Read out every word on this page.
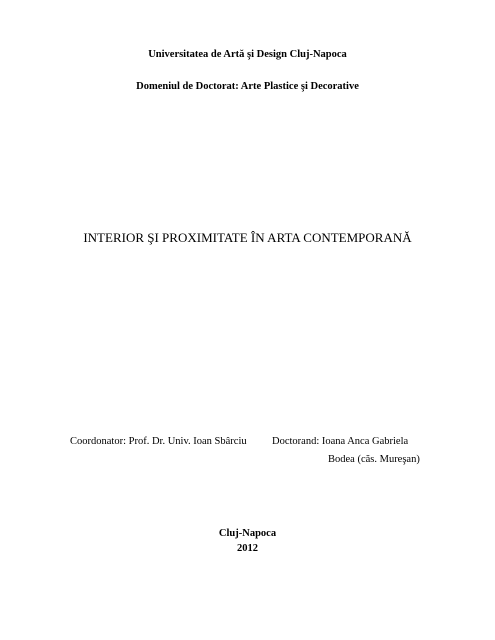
Universitatea de Artă şi Design Cluj-Napoca
Domeniul de Doctorat: Arte Plastice şi Decorative
INTERIOR ŞI PROXIMITATE ÎN ARTA CONTEMPORANĂ
Coordonator: Prof. Dr. Univ. Ioan Sbârciu Doctorand: Ioana Anca Gabriela
Bodea (căs. Mureşan)
Cluj-Napoca
2012
